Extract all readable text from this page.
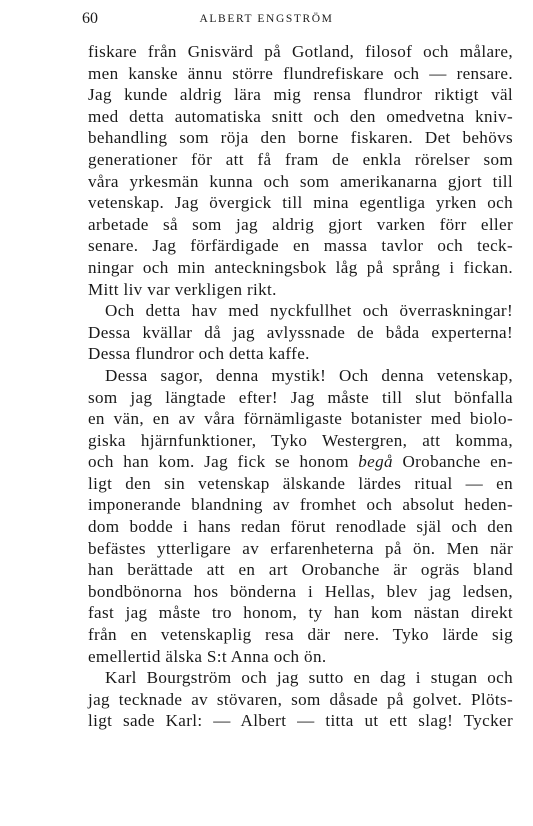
60	ALBERT ENGSTRÖM
fiskare från Gnisvärd på Gotland, filosof och målare,
men kanske ännu större flundrefiskare och — rensare.
Jag kunde aldrig lära mig rensa flundror riktigt väl
med detta automatiska snitt och den omedvetna kniv-
behandling som röja den borne fiskaren. Det behövs
generationer för att få fram de enkla rörelser som
våra yrkesmän kunna och som amerikanarna gjort till
vetenskap. Jag övergick till mina egentliga yrken och
arbetade så som jag aldrig gjort varken förr eller
senare. Jag förfärdigade en massa tavlor och teck-
ningar och min anteckningsbok låg på språng i fickan.
Mitt liv var verkligen rikt.
Och detta hav med nyckfullhet och överraskningar!
Dessa kvällar då jag avlyssnade de båda experterna!
Dessa flundror och detta kaffe.
Dessa sagor, denna mystik! Och denna vetenskap,
som jag längtade efter! Jag måste till slut bönfalla
en vän, en av våra förnämligaste botanister med biolo-
giska hjärnfunktioner, Tyko Westergren, att komma,
och han kom. Jag fick se honom begå Orobanche en-
ligt den sin vetenskap älskande lärdes ritual — en
imponerande blandning av fromhet och absolut heden-
dom bodde i hans redan förut renodlade själ och den
befästes ytterligare av erfarenheterna på ön. Men när
han berättade att en art Orobanche är ogräs bland
bondbönorna hos bönderna i Hellas, blev jag ledsen,
fast jag måste tro honom, ty han kom nästan direkt
från en vetenskaplig resa där nere. Tyko lärde sig
emellertid älska S:t Anna och ön.
Karl Bourgström och jag sutto en dag i stugan och
jag tecknade av stövaren, som dåsade på golvet. Plöts-
ligt sade Karl: — Albert — titta ut ett slag! Tycker
